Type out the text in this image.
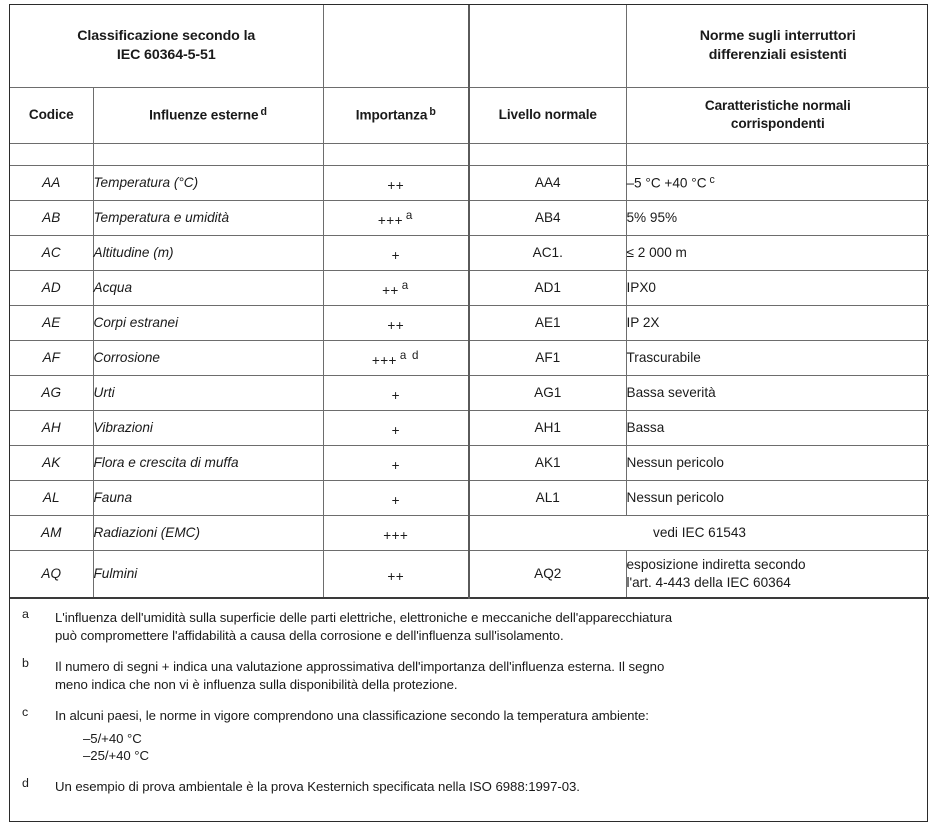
Classificazione secondo la
IEC 60364-5-51

Norme sugli interruttori
differenziali esistenti

Codice	Influenze esterne $^d$	Importanza $^b$	Livello normale	Caratteristiche normali
corrispondenti

AA	Temperatura (°C)	++	AA4	–5 °C +40 °C $^c$

AB	Temperatura e umidità	+++ a	AB4	5% 95%

AC	Altitudine (m)	+	AC1.	≤ 2 000 m

AD	Acqua	++ a	AD1	IPX0

AE	Corpi estranei	++	AE1	IP 2X

AF	Corrosione	+++ a d	AF1	Trascurabile

AG	Urti	+	AG1	Bassa severità

AH	Vibrazioni	+	AH1	Bassa

AK	Flora e crescita di muffa	+	AK1	Nessun pericolo

AL	Fauna	+	AL1	Nessun pericolo

AM	Radiazioni (EMC)	+++	vedi IEC 61543	
AQ	Fulmini	++	AQ2	esposizione indiretta secondo
l'art. 4-443 della IEC 60364

a L'influenza dell'umidità sulla superficie delle parti elettriche, elettroniche e meccaniche dell'apparecchiatura
può compromettere l'affidabilità a causa della corrosione e dell'influenza sull'isolamento.
b Il numero di segni + indica una valutazione approssimativa dell'importanza dell'influenza esterna. Il segno
meno indica che non vi è influenza sulla disponibilità della protezione.
c In alcuni paesi, le norme in vigore comprendono una classificazione secondo la temperatura ambiente:
–5/+40 °C
–25/+40 °C
d Un esempio di prova ambientale è la prova Kesternich specificata nella ISO 6988:1997-03.
